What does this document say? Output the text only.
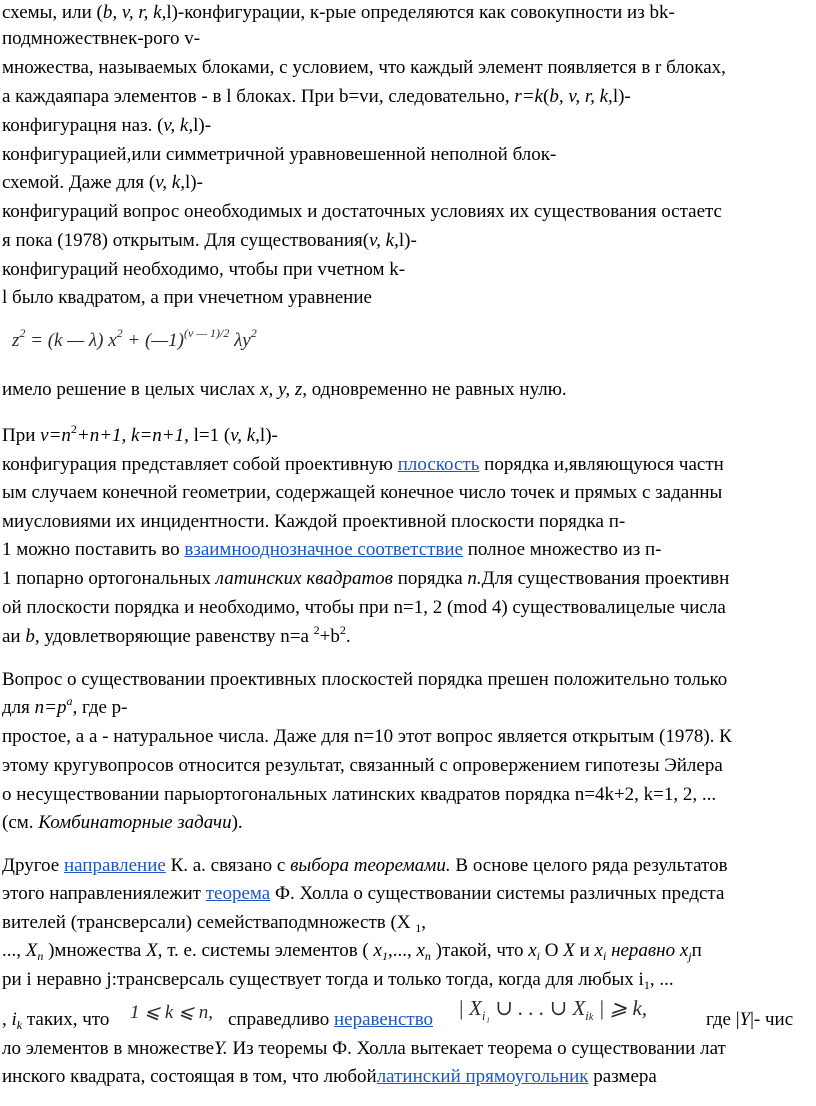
схемы, или (b, v, r, k,l)-конфигурации, к-рые определяются как совокупности из bk-
подмножествнек-рого v-
множества, называемых блоками, с условием, что каждый элемент появляется в r блоках,
а каждаяпара элементов - в l блоках. При b=vи, следовательно, r=k(b, v, r, k,l)-
конфигурацня наз. (v, k,l)-
конфигурацией,или симметричной уравновешенной неполной блок-
схемой. Даже для (v, k,l)-
конфигураций вопрос онеобходимых и достаточных условиях их существования остаетс
я пока (1978) открытым. Для существования(v, k,l)-
конфигураций необходимо, чтобы при vчетном k-
l было квадратом, а при vнечетном уравнение
$z^2 = (k$ — λ) $x^2$ + (—1)$^{(v — 1)/2}$ $\lambda y^2$
имело решение в целых числах x, y, z, одновременно не равных нулю.
При $v=n^2+n+1$, k=n+1, l=1 (v, k,l)-
конфигурация представляет собой проективную плоскость порядка и,являющуюся частн
ым случаем конечной геометрии, содержащей конечное число точек и прямых с заданны
миусловиями их инцидентности. Каждой проективной плоскости порядка п-
1 можно поставить во взаимнооднозначное соответствие полное множество из п-
1 попарно ортогональных латинских квадратов порядка n.Для существования проективн
ой плоскости порядка и необходимо, чтобы при n=1, 2 (mod 4) существовалицелые числа
аи b, удовлетворяющие равенству n=a $^2+b^2$.
Вопрос о существовании проективных плоскостей порядка пpешен положительно только
для $n=p^a$, где p-
простое, а a - натуральное числа. Даже для n=10 этот вопрос является открытым (1978). К
этому кругувопросов относится результат, связанный с опровержением гипотезы Эйлера
о несуществовании парыортогональных латинских квадратов порядка n=4k+2, k=1, 2, ...
(см. Комбинаторные задачи).
Другое направление К. а. связано с выбора теоремами. В основе целого ряда результатов
этого направлениялежит теорема Ф. Холла о существовании системы различных предста
вителей (трансверсали) семействаподмножеств (X $_1$,
..., $X_n$ )множества X, т. е. системы элементов ( $x_1$,..., $x_n$ )такой, что $x_i$ О X и $x_i$ неравно $x_jп$
ри i неравно j:трансверсаль существует тогда и только тогда, когда для любых $i_1$, ...
, $i_k$ таких, что 1 ⩽ k ⩽ n, справедливо неравенство | $X_{i_1}$ ∪ . . . ∪ $X_{ik}$ | ⩾ k,	где |Y|- чис
ло элементов в множествеY. Из теоремы Ф. Холла вытекает теорема о существовании лат
инского квадрата, состоящая в том, что любойлатинский прямоугольник размера
